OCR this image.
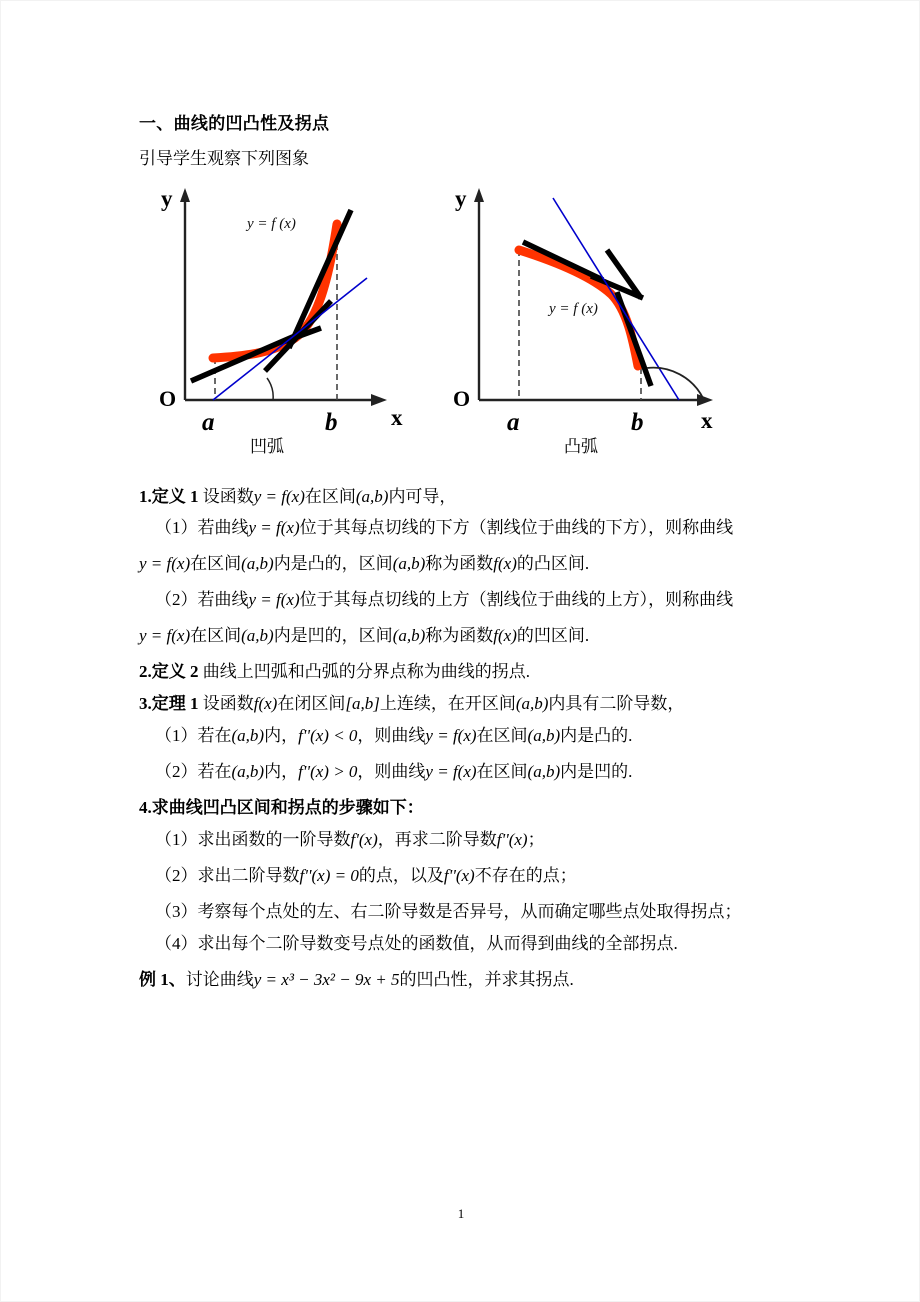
一、曲线的凹凸性及拐点
引导学生观察下列图象
y
O
x
a	b
y = f (x)
凹弧
y
O
x
a	b
y = f (x)
凸弧
1.定义 1 设函数y = f(x)在区间(a,b)内可导，
（1）若曲线y = f(x)位于其每点切线的下方（割线位于曲线的下方），则称曲线
y = f(x)在区间(a,b)内是凸的，区间(a,b)称为函数f(x)的凸区间.
（2）若曲线y = f(x)位于其每点切线的上方（割线位于曲线的上方），则称曲线
y = f(x)在区间(a,b)内是凹的，区间(a,b)称为函数f(x)的凹区间.
2.定义 2 曲线上凹弧和凸弧的分界点称为曲线的拐点.
3.定理 1 设函数f(x)在闭区间[a,b]上连续，在开区间(a,b)内具有二阶导数，
（1）若在(a,b)内，f''(x) < 0，则曲线y = f(x)在区间(a,b)内是凸的.
（2）若在(a,b)内，f''(x) > 0，则曲线y = f(x)在区间(a,b)内是凹的.
4.求曲线凹凸区间和拐点的步骤如下：
（1）求出函数的一阶导数f'(x)，再求二阶导数f''(x)；
（2）求出二阶导数f''(x) = 0的点，以及f''(x)不存在的点；
（3）考察每个点处的左、右二阶导数是否异号，从而确定哪些点处取得拐点；
（4）求出每个二阶导数变号点处的函数值，从而得到曲线的全部拐点.
例 1、讨论曲线y = x³ − 3x² − 9x + 5的凹凸性，并求其拐点.
1
